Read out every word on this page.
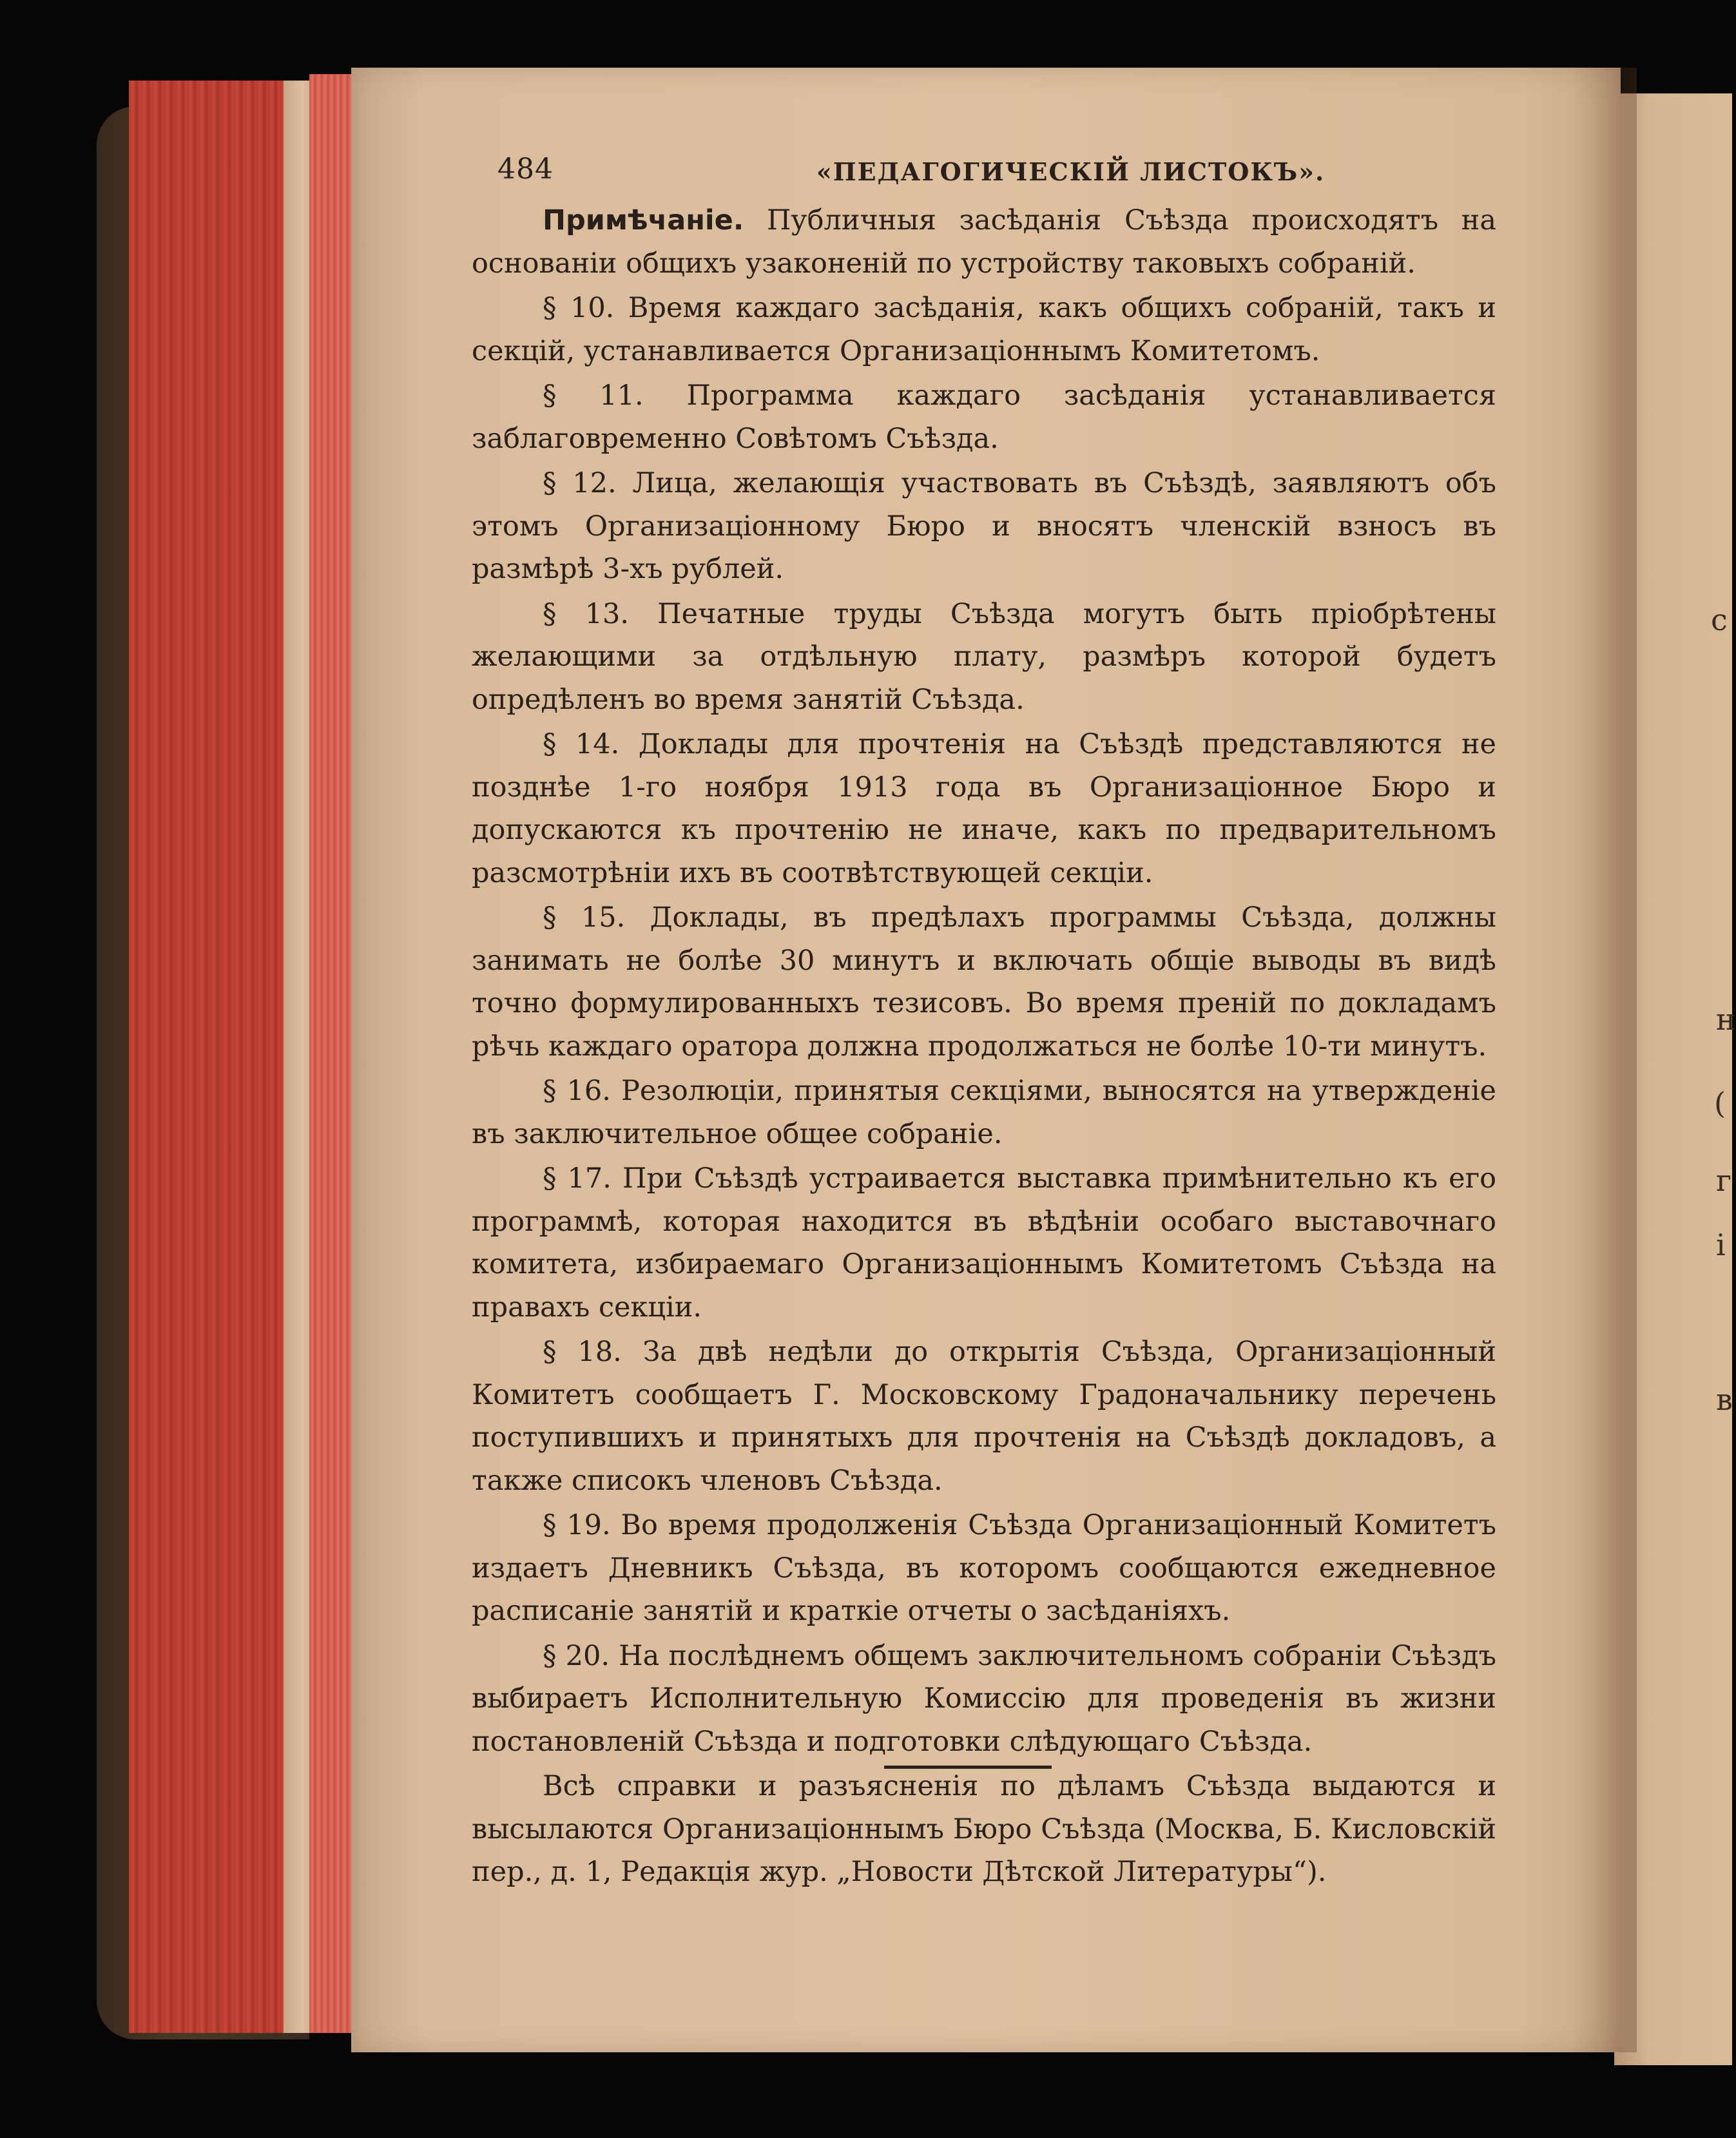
с
н
(
г
і
в
484	«ПЕДАГОГИЧЕСКІЙ ЛИСТОКЪ».

Примѣчаніе. Публичныя засѣданія Съѣзда происходятъ на основаніи общихъ узаконеній по устройству таковыхъ собраній.

§ 10. Время каждаго засѣданія, какъ общихъ собраній, такъ и секцій, устанавливается Организаціоннымъ Комитетомъ.

§ 11. Программа каждаго засѣданія устанавливается заблаговременно Совѣтомъ Съѣзда.

§ 12. Лица, желающія участвовать въ Съѣздѣ, заявляютъ объ этомъ Организаціонному Бюро и вносятъ членскій взносъ въ размѣрѣ 3-хъ рублей.

§ 13. Печатные труды Съѣзда могутъ быть пріобрѣтены желающими за отдѣльную плату, размѣръ которой будетъ опредѣленъ во время занятій Съѣзда.

§ 14. Доклады для прочтенія на Съѣздѣ представляются не позднѣе 1-го ноября 1913 года въ Организаціонное Бюро и допускаются къ прочтенію не иначе, какъ по предварительномъ разсмотрѣніи ихъ въ соотвѣтствующей секціи.

§ 15. Доклады, въ предѣлахъ программы Съѣзда, должны занимать не болѣе 30 минутъ и включать общіе выводы въ видѣ точно формулированныхъ тезисовъ. Во время преній по докладамъ рѣчь каждаго оратора должна продолжаться не болѣе 10-ти минутъ.

§ 16. Резолюціи, принятыя секціями, выносятся на утвержденіе въ заключительное общее собраніе.

§ 17. При Съѣздѣ устраивается выставка примѣнительно къ его программѣ, которая находится въ вѣдѣніи особаго выставочнаго комитета, избираемаго Организаціоннымъ Комитетомъ Съѣзда на правахъ секціи.

§ 18. За двѣ недѣли до открытія Съѣзда, Организаціонный Комитетъ сообщаетъ Г. Московскому Градоначальнику перечень поступившихъ и принятыхъ для прочтенія на Съѣздѣ докладовъ, а также списокъ членовъ Съѣзда.

§ 19. Во время продолженія Съѣзда Организаціонный Комитетъ издаетъ Дневникъ Съѣзда, въ которомъ сообщаются ежедневное расписаніе занятій и краткіе отчеты о засѣданіяхъ.

§ 20. На послѣднемъ общемъ заключительномъ собраніи Съѣздъ выбираетъ Исполнительную Комиссію для проведенія въ жизни постановленій Съѣзда и подготовки слѣдующаго Съѣзда.

Всѣ справки и разъясненія по дѣламъ Съѣзда выдаются и высылаются Организаціоннымъ Бюро Съѣзда (Москва, Б. Кисловскій пер., д. 1, Редакція жур. „Новости Дѣтской Литературы“).
